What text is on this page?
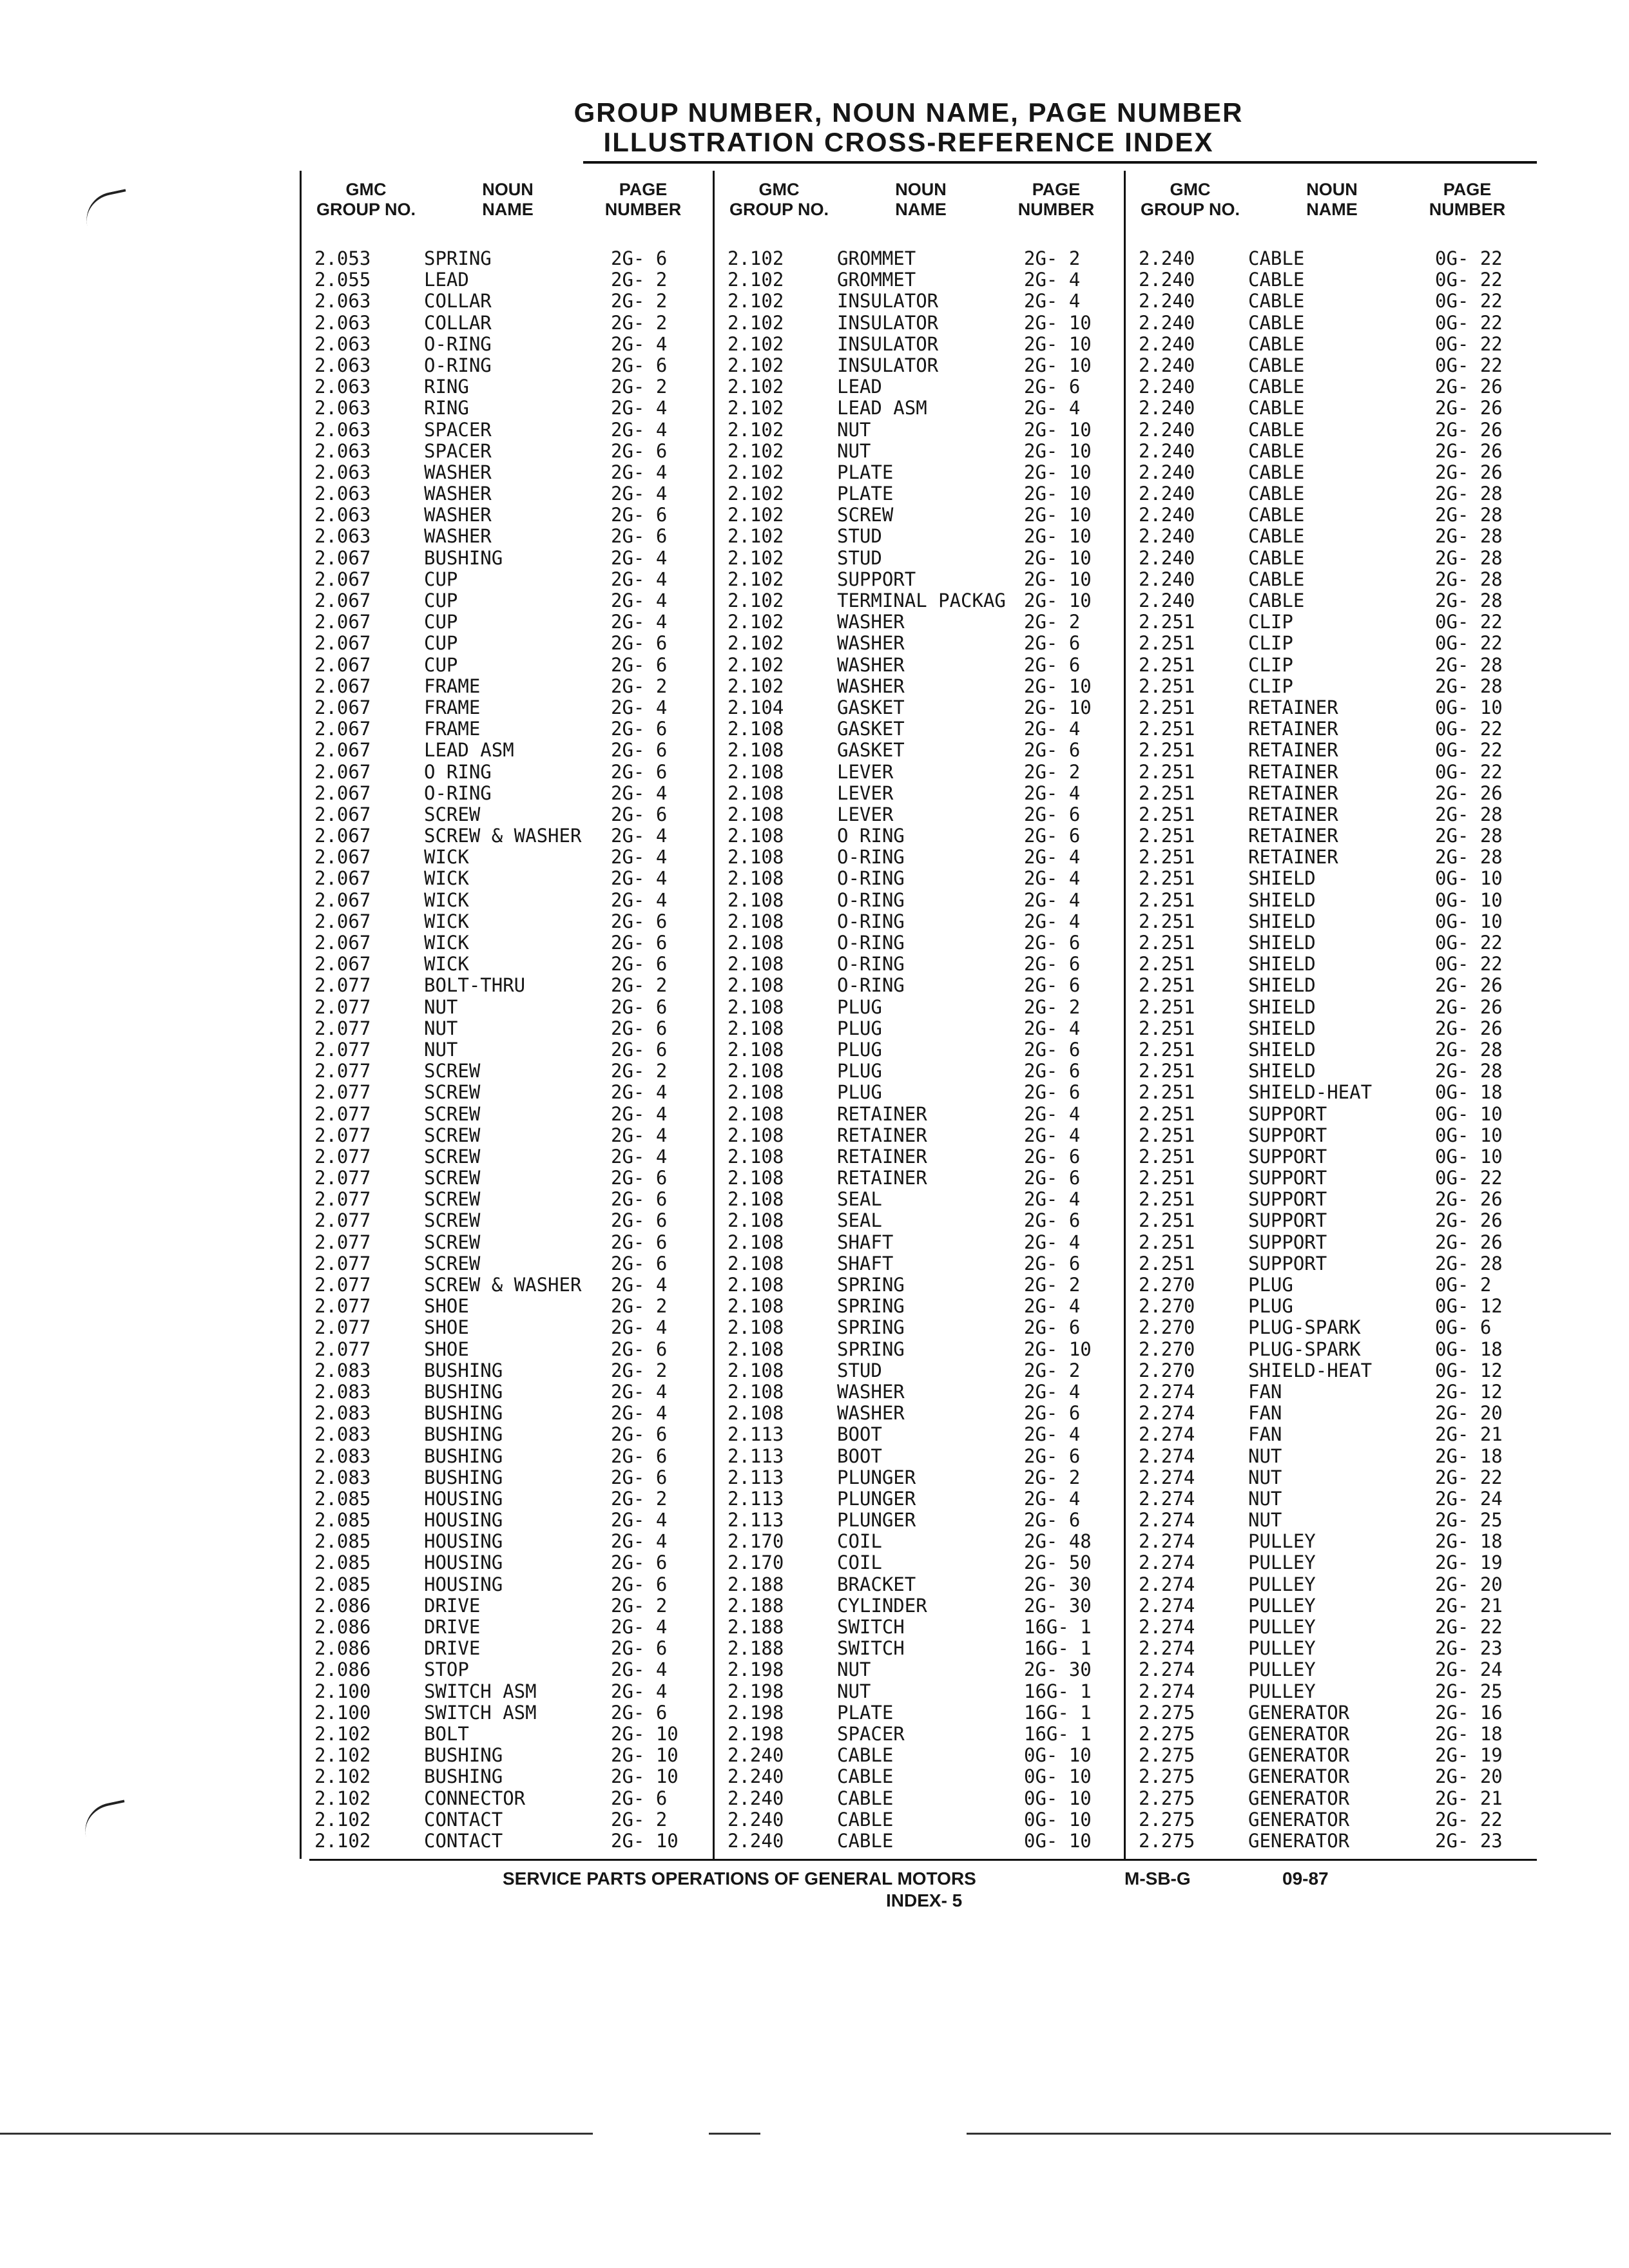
GROUP NUMBER, NOUN NAME, PAGE NUMBER
ILLUSTRATION CROSS-REFERENCE INDEX
GMC
GROUP NO.
NOUN
NAME
PAGE
NUMBER
2.053	SPRING	2G- 6
2.055	LEAD	2G- 2
2.063	COLLAR	2G- 2
2.063	COLLAR	2G- 2
2.063	O-RING	2G- 4
2.063	O-RING	2G- 6
2.063	RING	2G- 2
2.063	RING	2G- 4
2.063	SPACER	2G- 4
2.063	SPACER	2G- 6
2.063	WASHER	2G- 4
2.063	WASHER	2G- 4
2.063	WASHER	2G- 6
2.063	WASHER	2G- 6
2.067	BUSHING	2G- 4
2.067	CUP	2G- 4
2.067	CUP	2G- 4
2.067	CUP	2G- 4
2.067	CUP	2G- 6
2.067	CUP	2G- 6
2.067	FRAME	2G- 2
2.067	FRAME	2G- 4
2.067	FRAME	2G- 6
2.067	LEAD ASM	2G- 6
2.067	O RING	2G- 6
2.067	O-RING	2G- 4
2.067	SCREW	2G- 6
2.067	SCREW & WASHER 2G- 4
2.067	WICK	2G- 4
2.067	WICK	2G- 4
2.067	WICK	2G- 4
2.067	WICK	2G- 6
2.067	WICK	2G- 6
2.067	WICK	2G- 6
2.077	BOLT-THRU	2G- 2
2.077	NUT	2G- 6
2.077	NUT	2G- 6
2.077	NUT	2G- 6
2.077	SCREW	2G- 2
2.077	SCREW	2G- 4
2.077	SCREW	2G- 4
2.077	SCREW	2G- 4
2.077	SCREW	2G- 4
2.077	SCREW	2G- 6
2.077	SCREW	2G- 6
2.077	SCREW	2G- 6
2.077	SCREW	2G- 6
2.077	SCREW	2G- 6
2.077	SCREW & WASHER 2G- 4
2.077	SHOE	2G- 2
2.077	SHOE	2G- 4
2.077	SHOE	2G- 6
2.083	BUSHING	2G- 2
2.083	BUSHING	2G- 4
2.083	BUSHING	2G- 4
2.083	BUSHING	2G- 6
2.083	BUSHING	2G- 6
2.083	BUSHING	2G- 6
2.085	HOUSING	2G- 2
2.085	HOUSING	2G- 4
2.085	HOUSING	2G- 4
2.085	HOUSING	2G- 6
2.085	HOUSING	2G- 6
2.086	DRIVE	2G- 2
2.086	DRIVE	2G- 4
2.086	DRIVE	2G- 6
2.086	STOP	2G- 4
2.100	SWITCH ASM	2G- 4
2.100	SWITCH ASM	2G- 6
2.102	BOLT	2G- 10
2.102	BUSHING	2G- 10
2.102	BUSHING	2G- 10
2.102	CONNECTOR	2G- 6
2.102	CONTACT	2G- 2
2.102	CONTACT	2G- 10
GMC
GROUP NO.
NOUN
NAME
PAGE
NUMBER
2.102	GROMMET	2G- 2
2.102	GROMMET	2G- 4
2.102	INSULATOR	2G- 4
2.102	INSULATOR	2G- 10
2.102	INSULATOR	2G- 10
2.102	INSULATOR	2G- 10
2.102	LEAD	2G- 6
2.102	LEAD ASM	2G- 4
2.102	NUT	2G- 10
2.102	NUT	2G- 10
2.102	PLATE	2G- 10
2.102	PLATE	2G- 10
2.102	SCREW	2G- 10
2.102	STUD	2G- 10
2.102	STUD	2G- 10
2.102	SUPPORT	2G- 10
2.102	TERMINAL PACKAG 2G- 10
2.102	WASHER	2G- 2
2.102	WASHER	2G- 6
2.102	WASHER	2G- 6
2.102	WASHER	2G- 10
2.104	GASKET	2G- 10
2.108	GASKET	2G- 4
2.108	GASKET	2G- 6
2.108	LEVER	2G- 2
2.108	LEVER	2G- 4
2.108	LEVER	2G- 6
2.108	O RING	2G- 6
2.108	O-RING	2G- 4
2.108	O-RING	2G- 4
2.108	O-RING	2G- 4
2.108	O-RING	2G- 4
2.108	O-RING	2G- 6
2.108	O-RING	2G- 6
2.108	O-RING	2G- 6
2.108	PLUG	2G- 2
2.108	PLUG	2G- 4
2.108	PLUG	2G- 6
2.108	PLUG	2G- 6
2.108	PLUG	2G- 6
2.108	RETAINER	2G- 4
2.108	RETAINER	2G- 4
2.108	RETAINER	2G- 6
2.108	RETAINER	2G- 6
2.108	SEAL	2G- 4
2.108	SEAL	2G- 6
2.108	SHAFT	2G- 4
2.108	SHAFT	2G- 6
2.108	SPRING	2G- 2
2.108	SPRING	2G- 4
2.108	SPRING	2G- 6
2.108	SPRING	2G- 10
2.108	STUD	2G- 2
2.108	WASHER	2G- 4
2.108	WASHER	2G- 6
2.113	BOOT	2G- 4
2.113	BOOT	2G- 6
2.113	PLUNGER	2G- 2
2.113	PLUNGER	2G- 4
2.113	PLUNGER	2G- 6
2.170	COIL	2G- 48
2.170	COIL	2G- 50
2.188	BRACKET	2G- 30
2.188	CYLINDER	2G- 30
2.188	SWITCH	16G- 1
2.188	SWITCH	16G- 1
2.198	NUT	2G- 30
2.198	NUT	16G- 1
2.198	PLATE	16G- 1
2.198	SPACER	16G- 1
2.240	CABLE	0G- 10
2.240	CABLE	0G- 10
2.240	CABLE	0G- 10
2.240	CABLE	0G- 10
2.240	CABLE	0G- 10
GMC
GROUP NO.
NOUN
NAME
PAGE
NUMBER
2.240	CABLE	0G- 22
2.240	CABLE	0G- 22
2.240	CABLE	0G- 22
2.240	CABLE	0G- 22
2.240	CABLE	0G- 22
2.240	CABLE	0G- 22
2.240	CABLE	2G- 26
2.240	CABLE	2G- 26
2.240	CABLE	2G- 26
2.240	CABLE	2G- 26
2.240	CABLE	2G- 26
2.240	CABLE	2G- 28
2.240	CABLE	2G- 28
2.240	CABLE	2G- 28
2.240	CABLE	2G- 28
2.240	CABLE	2G- 28
2.240	CABLE	2G- 28
2.251	CLIP	0G- 22
2.251	CLIP	0G- 22
2.251	CLIP	2G- 28
2.251	CLIP	2G- 28
2.251	RETAINER	0G- 10
2.251	RETAINER	0G- 22
2.251	RETAINER	0G- 22
2.251	RETAINER	0G- 22
2.251	RETAINER	2G- 26
2.251	RETAINER	2G- 28
2.251	RETAINER	2G- 28
2.251	RETAINER	2G- 28
2.251	SHIELD	0G- 10
2.251	SHIELD	0G- 10
2.251	SHIELD	0G- 10
2.251	SHIELD	0G- 22
2.251	SHIELD	0G- 22
2.251	SHIELD	2G- 26
2.251	SHIELD	2G- 26
2.251	SHIELD	2G- 26
2.251	SHIELD	2G- 28
2.251	SHIELD	2G- 28
2.251	SHIELD-HEAT	0G- 18
2.251	SUPPORT	0G- 10
2.251	SUPPORT	0G- 10
2.251	SUPPORT	0G- 10
2.251	SUPPORT	0G- 22
2.251	SUPPORT	2G- 26
2.251	SUPPORT	2G- 26
2.251	SUPPORT	2G- 26
2.251	SUPPORT	2G- 28
2.270	PLUG	0G- 2
2.270	PLUG	0G- 12
2.270	PLUG-SPARK	0G- 6
2.270	PLUG-SPARK	0G- 18
2.270	SHIELD-HEAT	0G- 12
2.274	FAN	2G- 12
2.274	FAN	2G- 20
2.274	FAN	2G- 21
2.274	NUT	2G- 18
2.274	NUT	2G- 22
2.274	NUT	2G- 24
2.274	NUT	2G- 25
2.274	PULLEY	2G- 18
2.274	PULLEY	2G- 19
2.274	PULLEY	2G- 20
2.274	PULLEY	2G- 21
2.274	PULLEY	2G- 22
2.274	PULLEY	2G- 23
2.274	PULLEY	2G- 24
2.274	PULLEY	2G- 25
2.275	GENERATOR	2G- 16
2.275	GENERATOR	2G- 18
2.275	GENERATOR	2G- 19
2.275	GENERATOR	2G- 20
2.275	GENERATOR	2G- 21
2.275	GENERATOR	2G- 22
2.275	GENERATOR	2G- 23
SERVICE PARTS OPERATIONS OF GENERAL MOTORS	M-SB-G	09-87
INDEX- 5
